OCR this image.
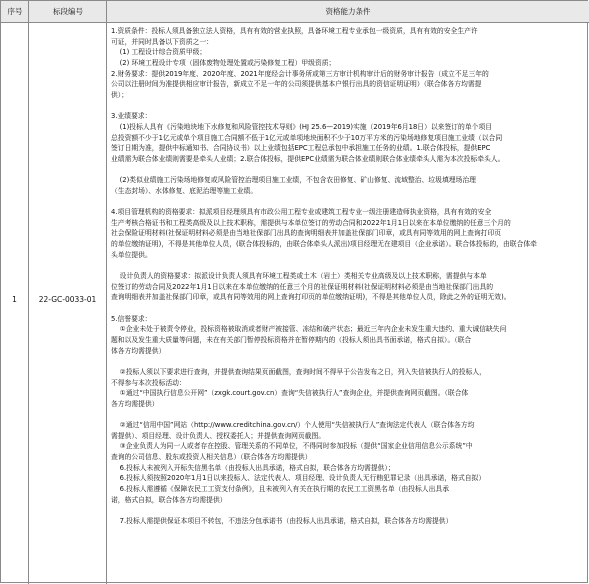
序号	标段编号	资格能力条件
1	22-GC-0033-01
1.资质条件：投标人须具备独立法人资格，具有有效的营业执照，具备环境工程专业承包一级资质，具有有效的安全生产许
可证，并同时具备以下资质之一：
(1) 工程设计综合资质甲级；
(2) 环境工程设计专项（固体废物处理处置或污染修复工程）甲级资质；
2.财务要求：提供2019年度、2020年度、2021年度经会计事务所或第三方审计机构审计后的财务审计报告（成立不足三年的
公司以注册时间为准提供相应审计报告，新成立不足一年的公司须提供基本户银行出具的资信证明证明）（联合体各方均需提
供）；
3.业绩要求：
(1)投标人具有《污染地块地下水修复和风险管控技术导则》(HJ 25.6—2019)实施（2019年6月18日）以来签订的单个项目
总投资额不少于1亿元或单个项目施工合同额不低于1亿元或单项地块面积不少于10万平方米的污染场地修复项目施工业绩（以合同
签订日期为准，提供中标通知书、合同协议书）以上业绩包括EPC工程总承包中承担施工任务的业绩。1.联合体投标，提供EPC
业绩需为联合体业绩则需要是牵头人业绩；2.联合体投标，提供EPC业绩需为联合体业绩则联合体业绩牵头人需为本次投标牵头人。
(2)类似业绩施工污染场地修复或风险管控治理项目施工业绩，不包含农田修复、矿山修复、流域整治、垃圾填埋场治理
（生态封场）、水体修复、底泥治理等施工业绩。
4.项目管理机构的资格要求：拟派项目经理须具有市政公用工程专业或建筑工程专业一级注册建造师执业资格，具有有效的安全
生产考核合格证书和工程类高级及以上技术职称，需提供与本单位签订的劳动合同和2022年1月1日以来在本单位缴纳的任意三个月的
社会保险证明材料(社保证明材料必须是由当地社保部门出具的查询明细表并加盖社保部门印章，或具有同等效用的网上查询打印页
的单位缴纳证明)，不得是其他单位人员，(联合体投标的，由联合体牵头人派出)项目经理无在建项目（企业承诺）。联合体投标的，由联合体牵
头单位提供。
设计负责人的资格要求：拟派设计负责人须具有环境工程类或土木（岩土）类相关专业高级及以上技术职称，需提供与本单
位签订的劳动合同及2022年1月1日以来在本单位缴纳的任意三个月的社保证明材料(社保证明材料必须是由当地社保部门出具的
查询明细表并加盖社保部门印章，或具有同等效用的网上查询打印页的单位缴纳证明)，不得是其他单位人员，除此之外的证明无效)。
5.信誉要求：
①企业未处于被责令停业，投标资格被取消或者财产被接管、冻结和破产状态；最近三年内企业未发生重大违约、重大诚信缺失问
题和以及发生重大质量等问题，未在有关部门暂停投标资格并在暂停期内的（投标人须出具书面承诺，格式自拟）。（联合
体各方均需提供）
②投标人须以下要求进行查询，并提供查询结果页面截图，查询时间不得早于公告发布之日，列入失信被执行人的投标人，
不得参与本次投标活动：
①通过“中国执行信息公开网”（zxgk.court.gov.cn）查询“失信被执行人”查询企业，并提供查询网页截图。（联合体
各方均需提供）
②通过“信用中国”网站（http://www.creditchina.gov.cn/）个人使用“失信被执行人”查询法定代表人（联合体各方均
需提供）、项目经理、设计负责人、授权委托人；并提供查询网页截图。
③企业负责人为同一人或者存在控股、管理关系的不同单位，不得同时参加投标（提供“国家企业信用信息公示系统”中
查询的公司信息、股东或投资人相关信息）（联合体各方均需提供）
6.投标人未被列入开标失信黑名单（由投标人出具承诺，格式自拟，联合体各方均需提供）；
6.投标人须按照2020年1月1日以来投标人、法定代表人、项目经理、设计负责人无行贿犯罪记录（出具承诺，格式自拟）
6.投标人需遵循《保障农民工工资支付条例》，且未被列入有关在执行期的农民工工资黑名单（由投标人出具承
诺，格式自拟，联合体各方均需提供）
7.投标人需提供保证本项目不转包，不违法分包承诺书（由投标人出具承诺，格式自拟，联合体各方均需提供）
